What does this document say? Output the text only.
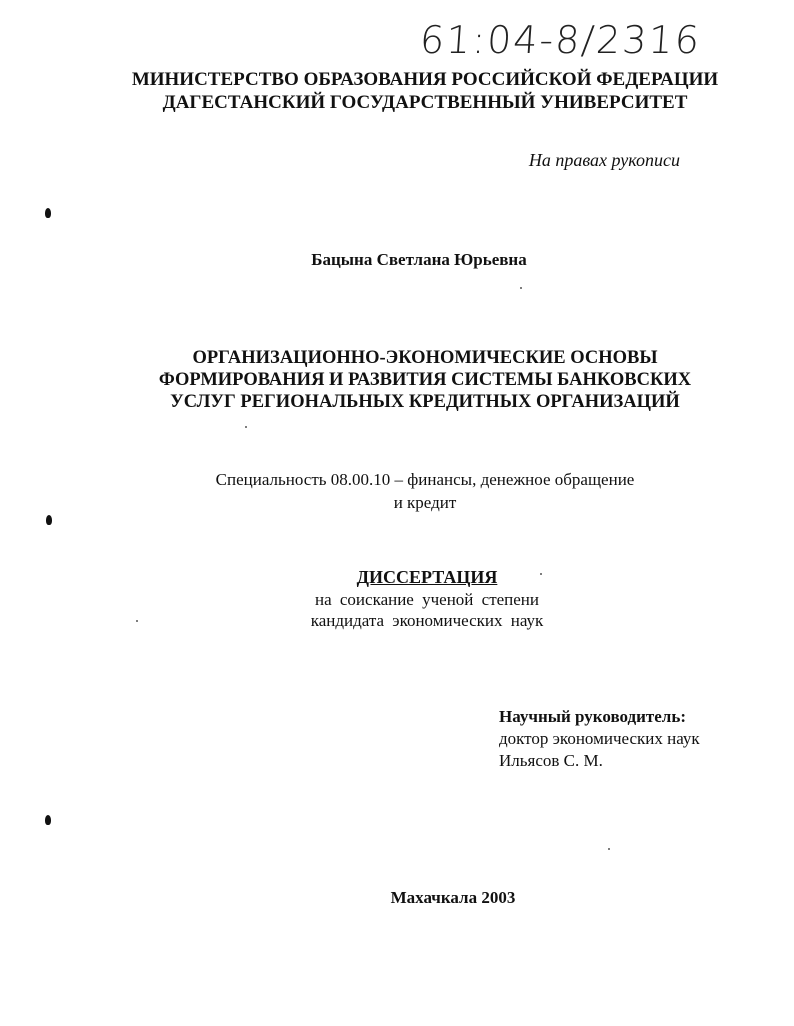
61:04-8/2316
МИНИСТЕРСТВО ОБРАЗОВАНИЯ РОССИЙСКОЙ ФЕДЕРАЦИИ
ДАГЕСТАНСКИЙ ГОСУДАРСТВЕННЫЙ УНИВЕРСИТЕТ
На правах рукописи
Бацына Светлана Юрьевна
ОРГАНИЗАЦИОННО-ЭКОНОМИЧЕСКИЕ ОСНОВЫ
ФОРМИРОВАНИЯ И РАЗВИТИЯ СИСТЕМЫ БАНКОВСКИХ
УСЛУГ РЕГИОНАЛЬНЫХ КРЕДИТНЫХ ОРГАНИЗАЦИЙ
Специальность 08.00.10 – финансы, денежное обращение
и кредит
ДИССЕРТАЦИЯ
на соискание ученой степени
кандидата экономических наук
Научный руководитель:
доктор экономических наук
Ильясов С. М.
Махачкала 2003
